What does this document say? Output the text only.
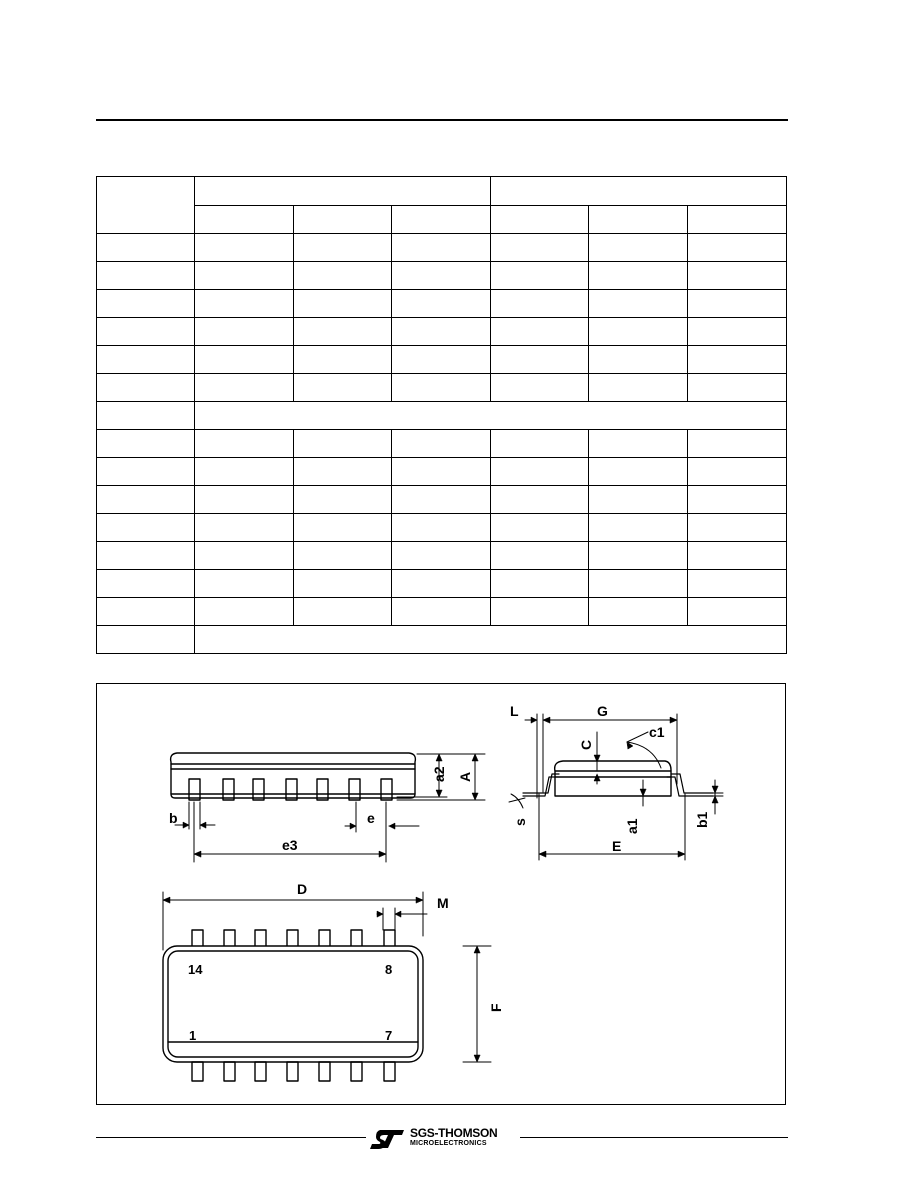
a2 A
b	e
e3
L	G
C
c1
s	a1	b1
E
D
M
F
14	8
1	7
SGS-THOMSON
MICROELECTRONICS
